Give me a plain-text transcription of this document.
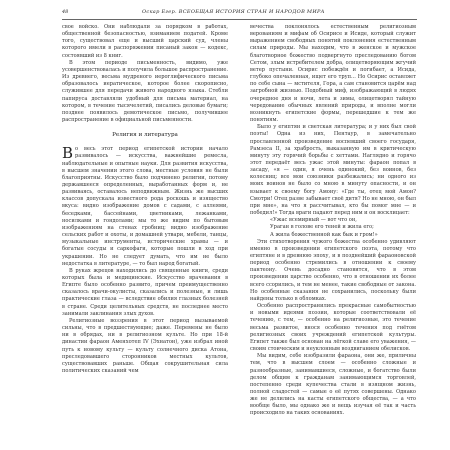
48	Оскар Егер. ВСЕОБЩАЯ ИСТОРИЯ СТРАН И НАРОДОВ МИРА

свое войско. Они наблюдали за порядком в работах, общественной безопасностью, взиманием податей. Кроме того, существовал еще и высший царский суд, члены которого имели в распоряжении писаный закон — кодекс, состоявший из 8 книг.

В этом периоде письменность, видимо, уже усовершенствовалась и получила большое распространение. Из древнего, весьма мудреного иероглифического письма образовалось иератическое, которое более скорописно, служившее для передачи живого народного языка. Стебли папируса доставляли удобный для письма материал, на котором, в течение тысячелетий, писались деловые бумаги; позднее появилось демотическое письмо, получившее распространение в официальной письменности.

Религия и литература

В о весь этот период египетской истории начало развивалось — искусства, важнейшие ремесла, наблюдательные и опытные науки. Для развития искусства, в высшем значении этого слова, местные условия не были благоприятны. Искусство было подчинено религии, потому державшееся определенных, выработанных форм и, не развиваясь, оставалось неподвижным. Жизнь же высших классов допускала известного рода роскошь и изящество вкуса: видно изображение домов с садами, с аллеями, беседками, бассейнами, цветниками, лежанками, носилками и гондолами; мы то же видим по бытовым изображениям на стенах гробниц; видно изображение сельских работ и охоты, и домашней утвари, мебели, танцы, музыкальные инструменты, исторические храмы — и богатые сосуды и саркофаги, которые пошли в ход при украшении. Но не следует думать, что им не было недостатка в литературе, — то был народ богатый.

В руках жрецов находились до священные книги, среди которых была и медицинские. Искусство врачевания в Египте было особенно развито, причем преимущественно сказалось врачи-окулисты, сказались и полезные, и лишь практические глаза — вследствие обилия глазных болезней в стране. Среди целительных средств, не последнее место занимали заклинания злых духов.

Религиозные воззрения в этот период вызываемой сильны, что в предшествующие; даже. Перемены не было ни в обрядах, ни в религиозном культе. Но при 18-й династии фараон Аменхотеп IV (Эхнатон), уже избрал иной путь к новому культу — культу солнечного диска Атона, преследовавшего сторонников местных культов, существовавших раньше. Общая сокрушительная сила политических сказаний чем

вечества поклонялось естественным религиозным верованиям и мифам об Осирисе и Исиде, который служит выражением свободных понятий поклонения естественным силам природы. Мы находим, что в женское и мужское благотворное божество подвергнуто преследованию богом Сетом, злым истребителем добра, олицетворяющим жгучий ветер пустыни. Осирис побеждён и погибает, а Исида, глубоко опечаленная, ищет его труп... Но Осирис оставляет по себе сына — мстителя, Гора, а сам становится царём над загробной жизнью. Подобный миф, изображающий в людях очередное дня и ночи, лета и зимы, олицетворял тайную чередование обычных явлений природы, и вполне могли возникнуть египетские формы, перешедшие к тем же понятиям.

Было у египтян и светская литература; и у них был свой поэты! Одна из них, Пентаур, в замечательно прославленной произведение воспевший своего государя, Рамзеса II, за храбрость, выказанную им в критическую минуту эту горячий борьбы с хеттами. Наглядно и горячо этот передаёт весь ужас этой минуты: фараон попал в засаду, «я — один, я очень одинокий, без воинов, без колесниц; все мои союзники разбежались; ни одного из моих воинов не было со мною в минуту опасности, и он взывает к своему богу Амону: «Где ты, отец мой Амон? Смотри! Отец разве забывает своё дитя? Но не мною, он был при мне», на что я рассчитывал, кто бы помог мне — и победил!» Тогда враги падают перед ним и он восклицает:

«Ужас всемирный — вот что он,

Ураган в голове его теней и жила его;

А жила божественной как бык и гром!»

Эти стихотворения чужого божества особенно удивляют именно в произведении египетского поэта, потому что египтяне и в древнюю эпоху, и в позднейший фараоновской период особенно стремились в отношении к своему пантеону. Очень досадно становится, что в этом произведении царство особенно, что в отношении их более всего ссорились, и тем не менее, такие свободные от закона. Но особенные сказания не сохранились, поскольку были найдены только в обломках.

Особенно распространились прекрасные самобытностью и новыми идеями поэзии, которые соответствовали её течению, с тем, — особенно на религиозные, это течение весьма развитое, внося особенно течения под гнётом религиозных своих учреждений египетской культуры. Египет также был основан на лёгкой славе его уважения, — своим стоическим и неуклонным воздвиганием обелисков.

Мы видим, себе изобразили фараона, они же, приличны тем, что в высшем слоем — особенно сложные и разнообразные, занимавшиеся, сложные, и богатство были делом общим к гражданам занимающимся торговлей, постепенно среди купечества стали в изящном жизнь, полной сладостей — самые о её путях совершены. Однако же не делились на касты египетского общества, — а что вообще было, мы однако же и вещь изучая её так и часть происходило на таких основаниях.
